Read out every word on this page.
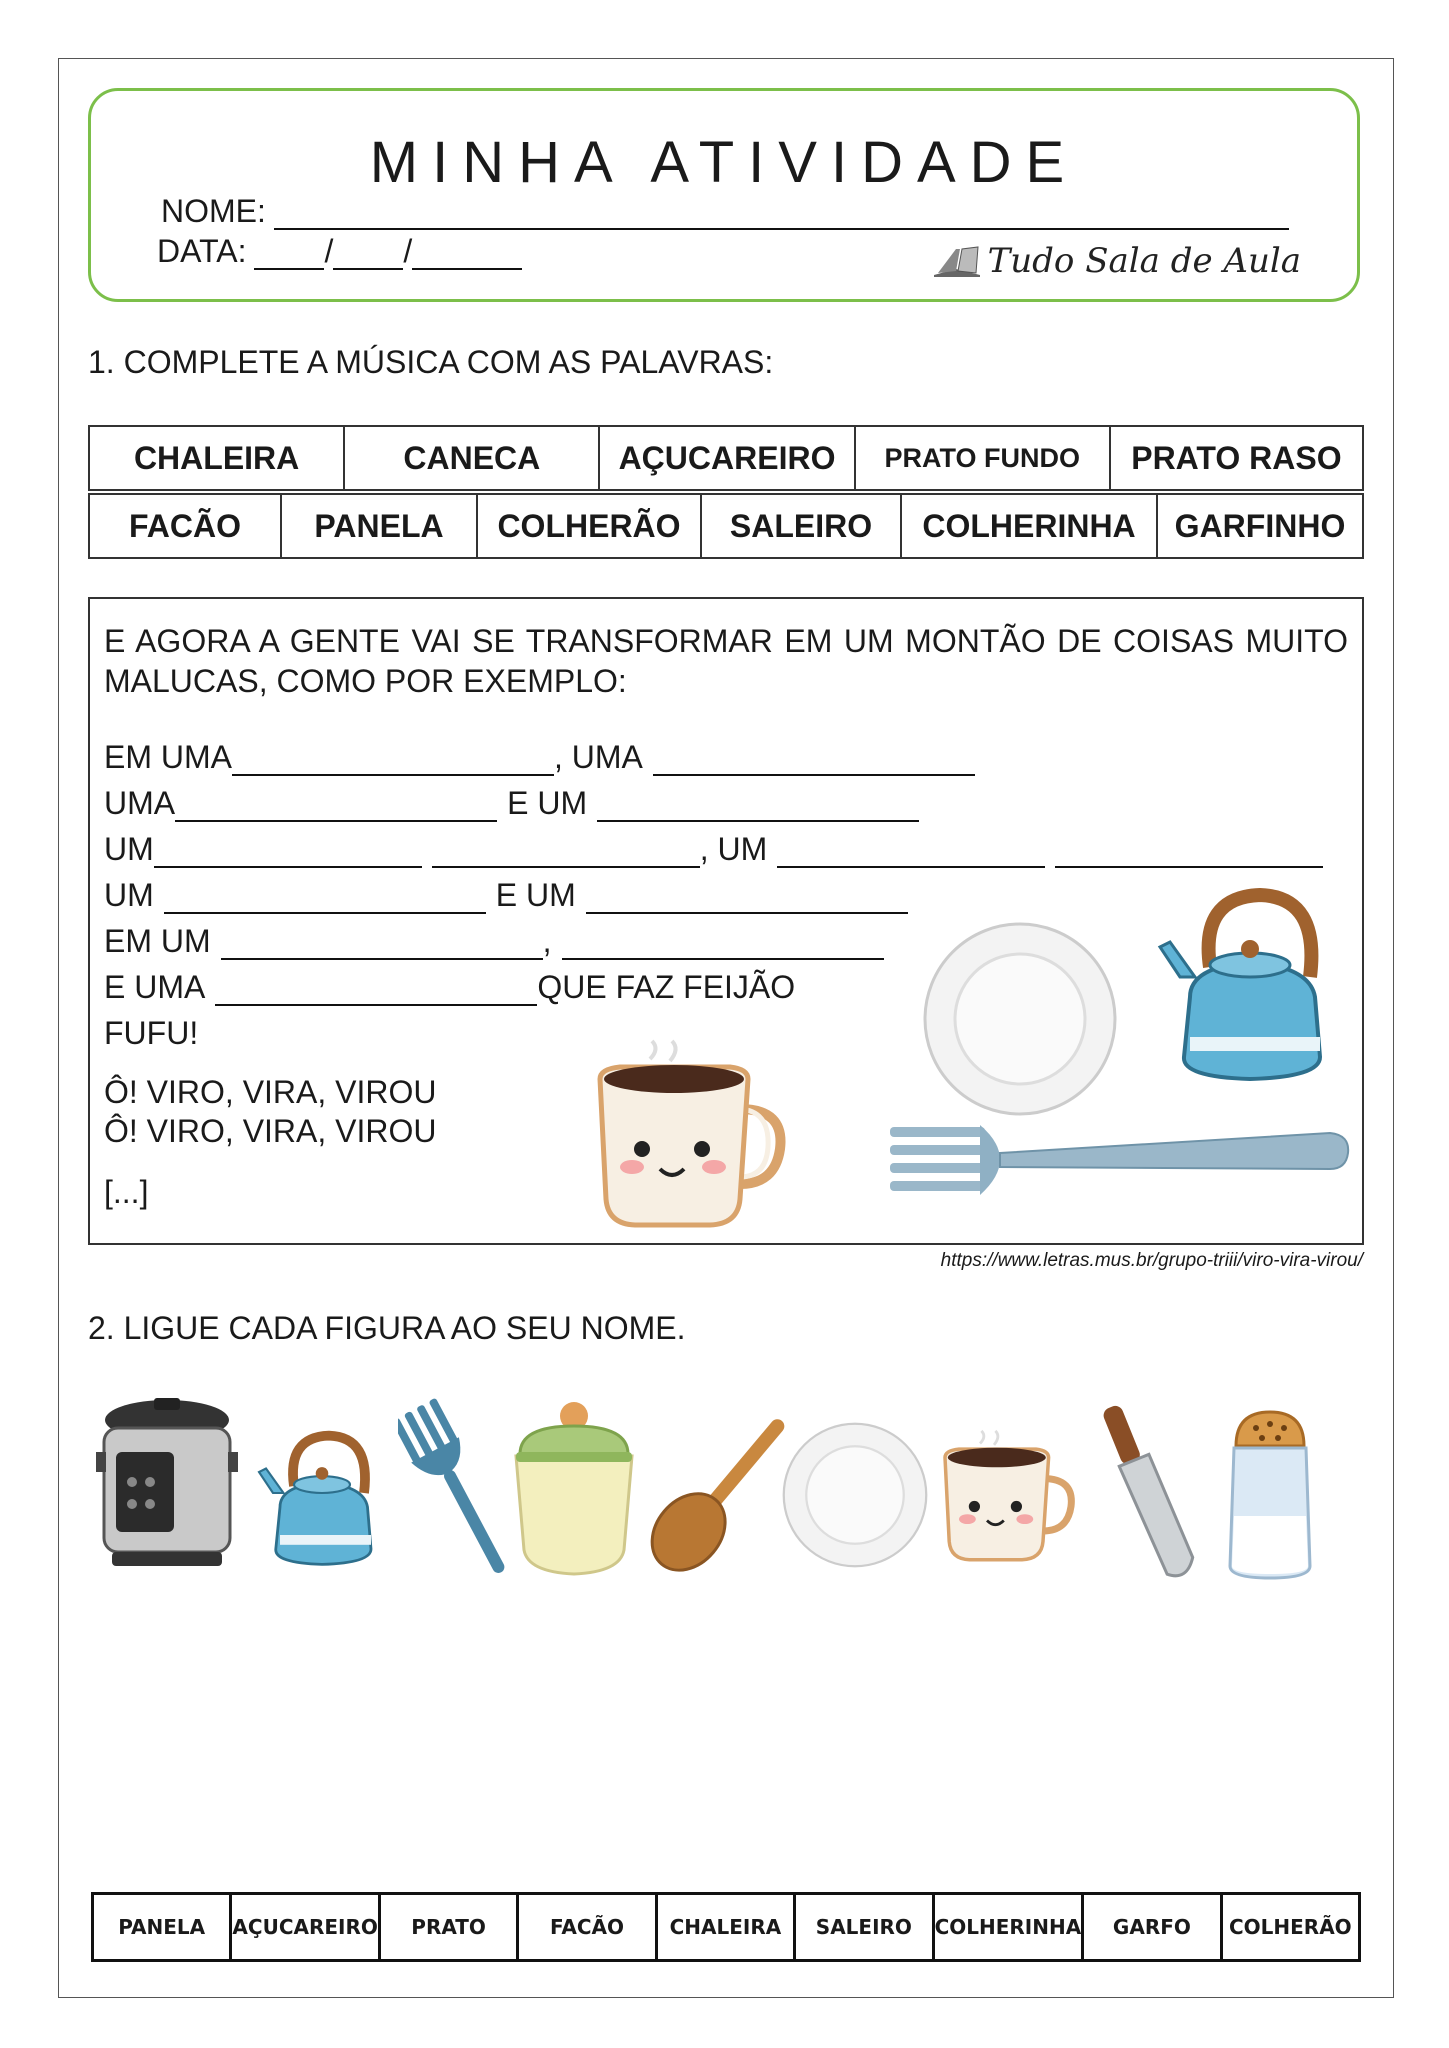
MINHA ATIVIDADE
NOME:
DATA: / /	Tudo Sala de Aula
1. COMPLETE A MÚSICA COM AS PALAVRAS:
CHALEIRA	CANECA	AÇUCAREIRO	PRATO FUNDO	PRATO RASO
FACÃO	PANELA	COLHERÃO	SALEIRO	COLHERINHA	GARFINHO
E AGORA A GENTE VAI SE TRANSFORMAR EM UM MONTÃO DE COISAS MUITO MALUCAS, COMO POR EXEMPLO:
EM UMA	, UMA
UMA	E UM
UM	, UM
UM	E UM
EM UM	,
E UMA	QUE FAZ FEIJÃO
FUFU!
Ô! VIRO, VIRA, VIROU
Ô! VIRO, VIRA, VIROU
[...]
https://www.letras.mus.br/grupo-triii/viro-vira-virou/
2. LIGUE CADA FIGURA AO SEU NOME.
PANELA	AÇUCAREIRO	PRATO	FACÃO	CHALEIRA	SALEIRO	COLHERINHA	GARFO	COLHERÃO
